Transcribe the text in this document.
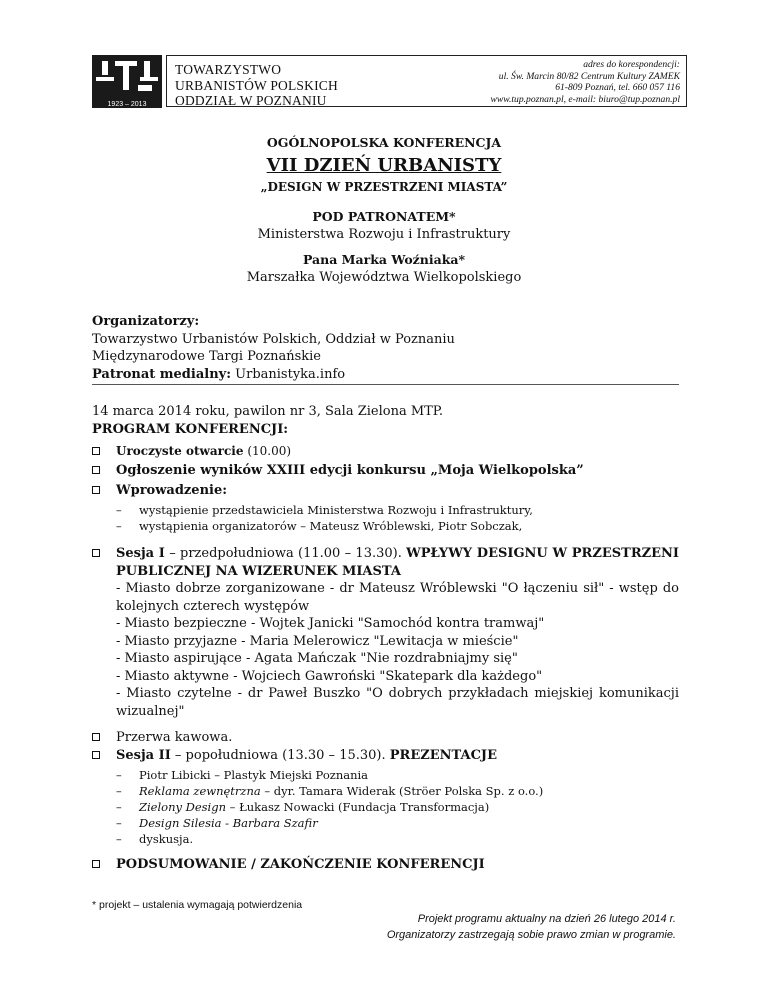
1923 – 2013
TOWARZYSTWO
URBANISTÓW POLSKICH
ODDZIAŁ W POZNANIU
adres do korespondencji:
ul. Św. Marcin 80/82 Centrum Kultury ZAMEK
61-809 Poznań, tel. 660 057 116
www.tup.poznan.pl, e-mail: biuro@tup.poznan.pl
OGÓLNOPOLSKA KONFERENCJA
VII DZIEŃ URBANISTY
„DESIGN W PRZESTRZENI MIASTA”
POD PATRONATEM*
Ministerstwa Rozwoju i Infrastruktury
Pana Marka Woźniaka*
Marszałka Województwa Wielkopolskiego
Organizatorzy:
Towarzystwo Urbanistów Polskich, Oddział w Poznaniu
Międzynarodowe Targi Poznańskie
Patronat medialny: Urbanistyka.info
14 marca 2014 roku, pawilon nr 3, Sala Zielona MTP.
PROGRAM KONFERENCJI:
Uroczyste otwarcie (10.00)
Ogłoszenie wyników XXIII edycji konkursu „Moja Wielkopolska”
Wprowadzenie:
– wystąpienie przedstawiciela Ministerstwa Rozwoju i Infrastruktury,
– wystąpienia organizatorów – Mateusz Wróblewski, Piotr Sobczak,
Sesja I – przedpołudniowa (11.00 – 13.30). WPŁYWY DESIGNU W PRZESTRZENI PUBLICZNEJ NA WIZERUNEK MIASTA
- Miasto dobrze zorganizowane - dr Mateusz Wróblewski "O łączeniu sił" - wstęp do kolejnych czterech występów
- Miasto bezpieczne - Wojtek Janicki "Samochód kontra tramwaj"
- Miasto przyjazne - Maria Melerowicz "Lewitacja w mieście"
- Miasto aspirujące - Agata Mańczak "Nie rozdrabniajmy się"
- Miasto aktywne - Wojciech Gawroński "Skatepark dla każdego"
- Miasto czytelne - dr Paweł Buszko "O dobrych przykładach miejskiej komunikacji wizualnej"
Przerwa kawowa.
Sesja II – popołudniowa (13.30 – 15.30). PREZENTACJE
– Piotr Libicki – Plastyk Miejski Poznania
– Reklama zewnętrzna – dyr. Tamara Widerak (Ströer Polska Sp. z o.o.)
– Zielony Design – Łukasz Nowacki (Fundacja Transformacja)
– Design Silesia - Barbara Szafir
– dyskusja.
PODSUMOWANIE / ZAKOŃCZENIE KONFERENCJI
* projekt – ustalenia wymagają potwierdzenia
Projekt programu aktualny na dzień 26 lutego 2014 r.
Organizatorzy zastrzegają sobie prawo zmian w programie.
